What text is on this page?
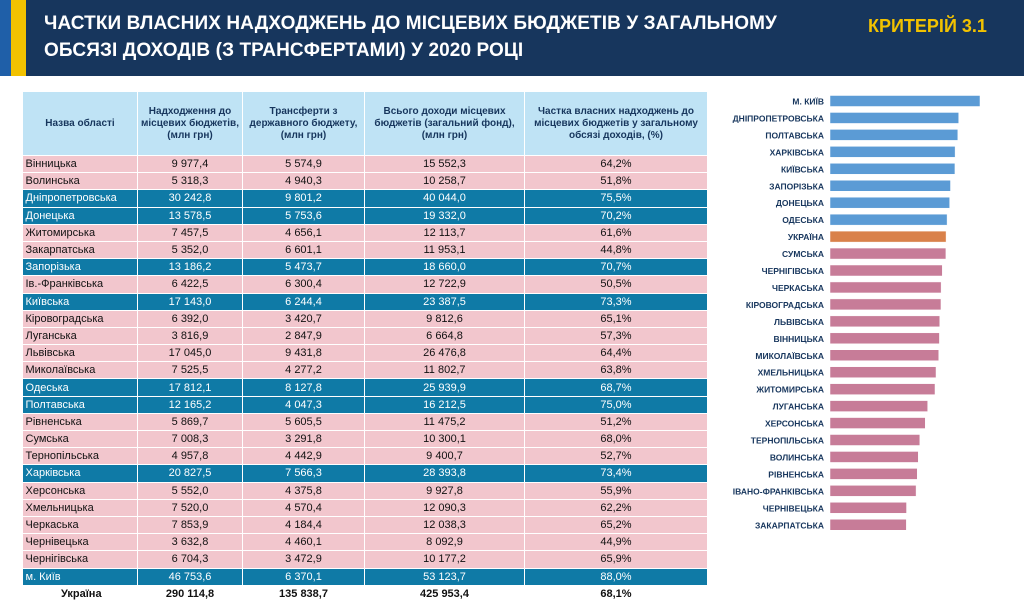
ЧАСТКИ ВЛАСНИХ НАДХОДЖЕНЬ ДО МІСЦЕВИХ БЮДЖЕТІВ У ЗАГАЛЬНОМУ
ОБСЯЗІ ДОХОДІВ (З ТРАНСФЕРТАМИ) У 2020 РОЦІ
КРИТЕРІЙ 3.1
Назва області	Надходження до місцевих бюджетів, (млн грн)	Трансферти з державного бюджету, (млн грн)	Всього доходи місцевих бюджетів (загальний фонд), (млн грн)	Частка власних надходжень до місцевих бюджетів у загальному обсязі доходів, (%)
Вінницька	9 977,4	5 574,9	15 552,3	64,2%
Волинська	5 318,3	4 940,3	10 258,7	51,8%
Дніпропетровська	30 242,8	9 801,2	40 044,0	75,5%
Донецька	13 578,5	5 753,6	19 332,0	70,2%
Житомирська	7 457,5	4 656,1	12 113,7	61,6%
Закарпатська	5 352,0	6 601,1	11 953,1	44,8%
Запорізька	13 186,2	5 473,7	18 660,0	70,7%
Ів.-Франківська	6 422,5	6 300,4	12 722,9	50,5%
Київська	17 143,0	6 244,4	23 387,5	73,3%
Кіровоградська	6 392,0	3 420,7	9 812,6	65,1%
Луганська	3 816,9	2 847,9	6 664,8	57,3%
Львівська	17 045,0	9 431,8	26 476,8	64,4%
Миколаївська	7 525,5	4 277,2	11 802,7	63,8%
Одеська	17 812,1	8 127,8	25 939,9	68,7%
Полтавська	12 165,2	4 047,3	16 212,5	75,0%
Рівненська	5 869,7	5 605,5	11 475,2	51,2%
Сумська	7 008,3	3 291,8	10 300,1	68,0%
Тернопільська	4 957,8	4 442,9	9 400,7	52,7%
Харківська	20 827,5	7 566,3	28 393,8	73,4%
Херсонська	5 552,0	4 375,8	9 927,8	55,9%
Хмельницька	7 520,0	4 570,4	12 090,3	62,2%
Черкаська	7 853,9	4 184,4	12 038,3	65,2%
Чернівецька	3 632,8	4 460,1	8 092,9	44,9%
Чернігівська	6 704,3	3 472,9	10 177,2	65,9%
м. Київ	46 753,6	6 370,1	53 123,7	88,0%
Україна	290 114,8	135 838,7	425 953,4	68,1%
М. КИЇВ
ДНІПРОПЕТРОВСЬКА
ПОЛТАВСЬКА
ХАРКІВСЬКА
КИЇВСЬКА
ЗАПОРІЗЬКА
ДОНЕЦЬКА
ОДЕСЬКА
УКРАЇНА
СУМСЬКА
ЧЕРНІГІВСЬКА
ЧЕРКАСЬКА
КІРОВОГРАДСЬКА
ЛЬВІВСЬКА
ВІННИЦЬКА
МИКОЛАЇВСЬКА
ХМЕЛЬНИЦЬКА
ЖИТОМИРСЬКА
ЛУГАНСЬКА
ХЕРСОНСЬКА
ТЕРНОПІЛЬСЬКА
ВОЛИНСЬКА
РІВНЕНСЬКА
ІВАНО-ФРАНКІВСЬКА
ЧЕРНІВЕЦЬКА
ЗАКАРПАТСЬКА
